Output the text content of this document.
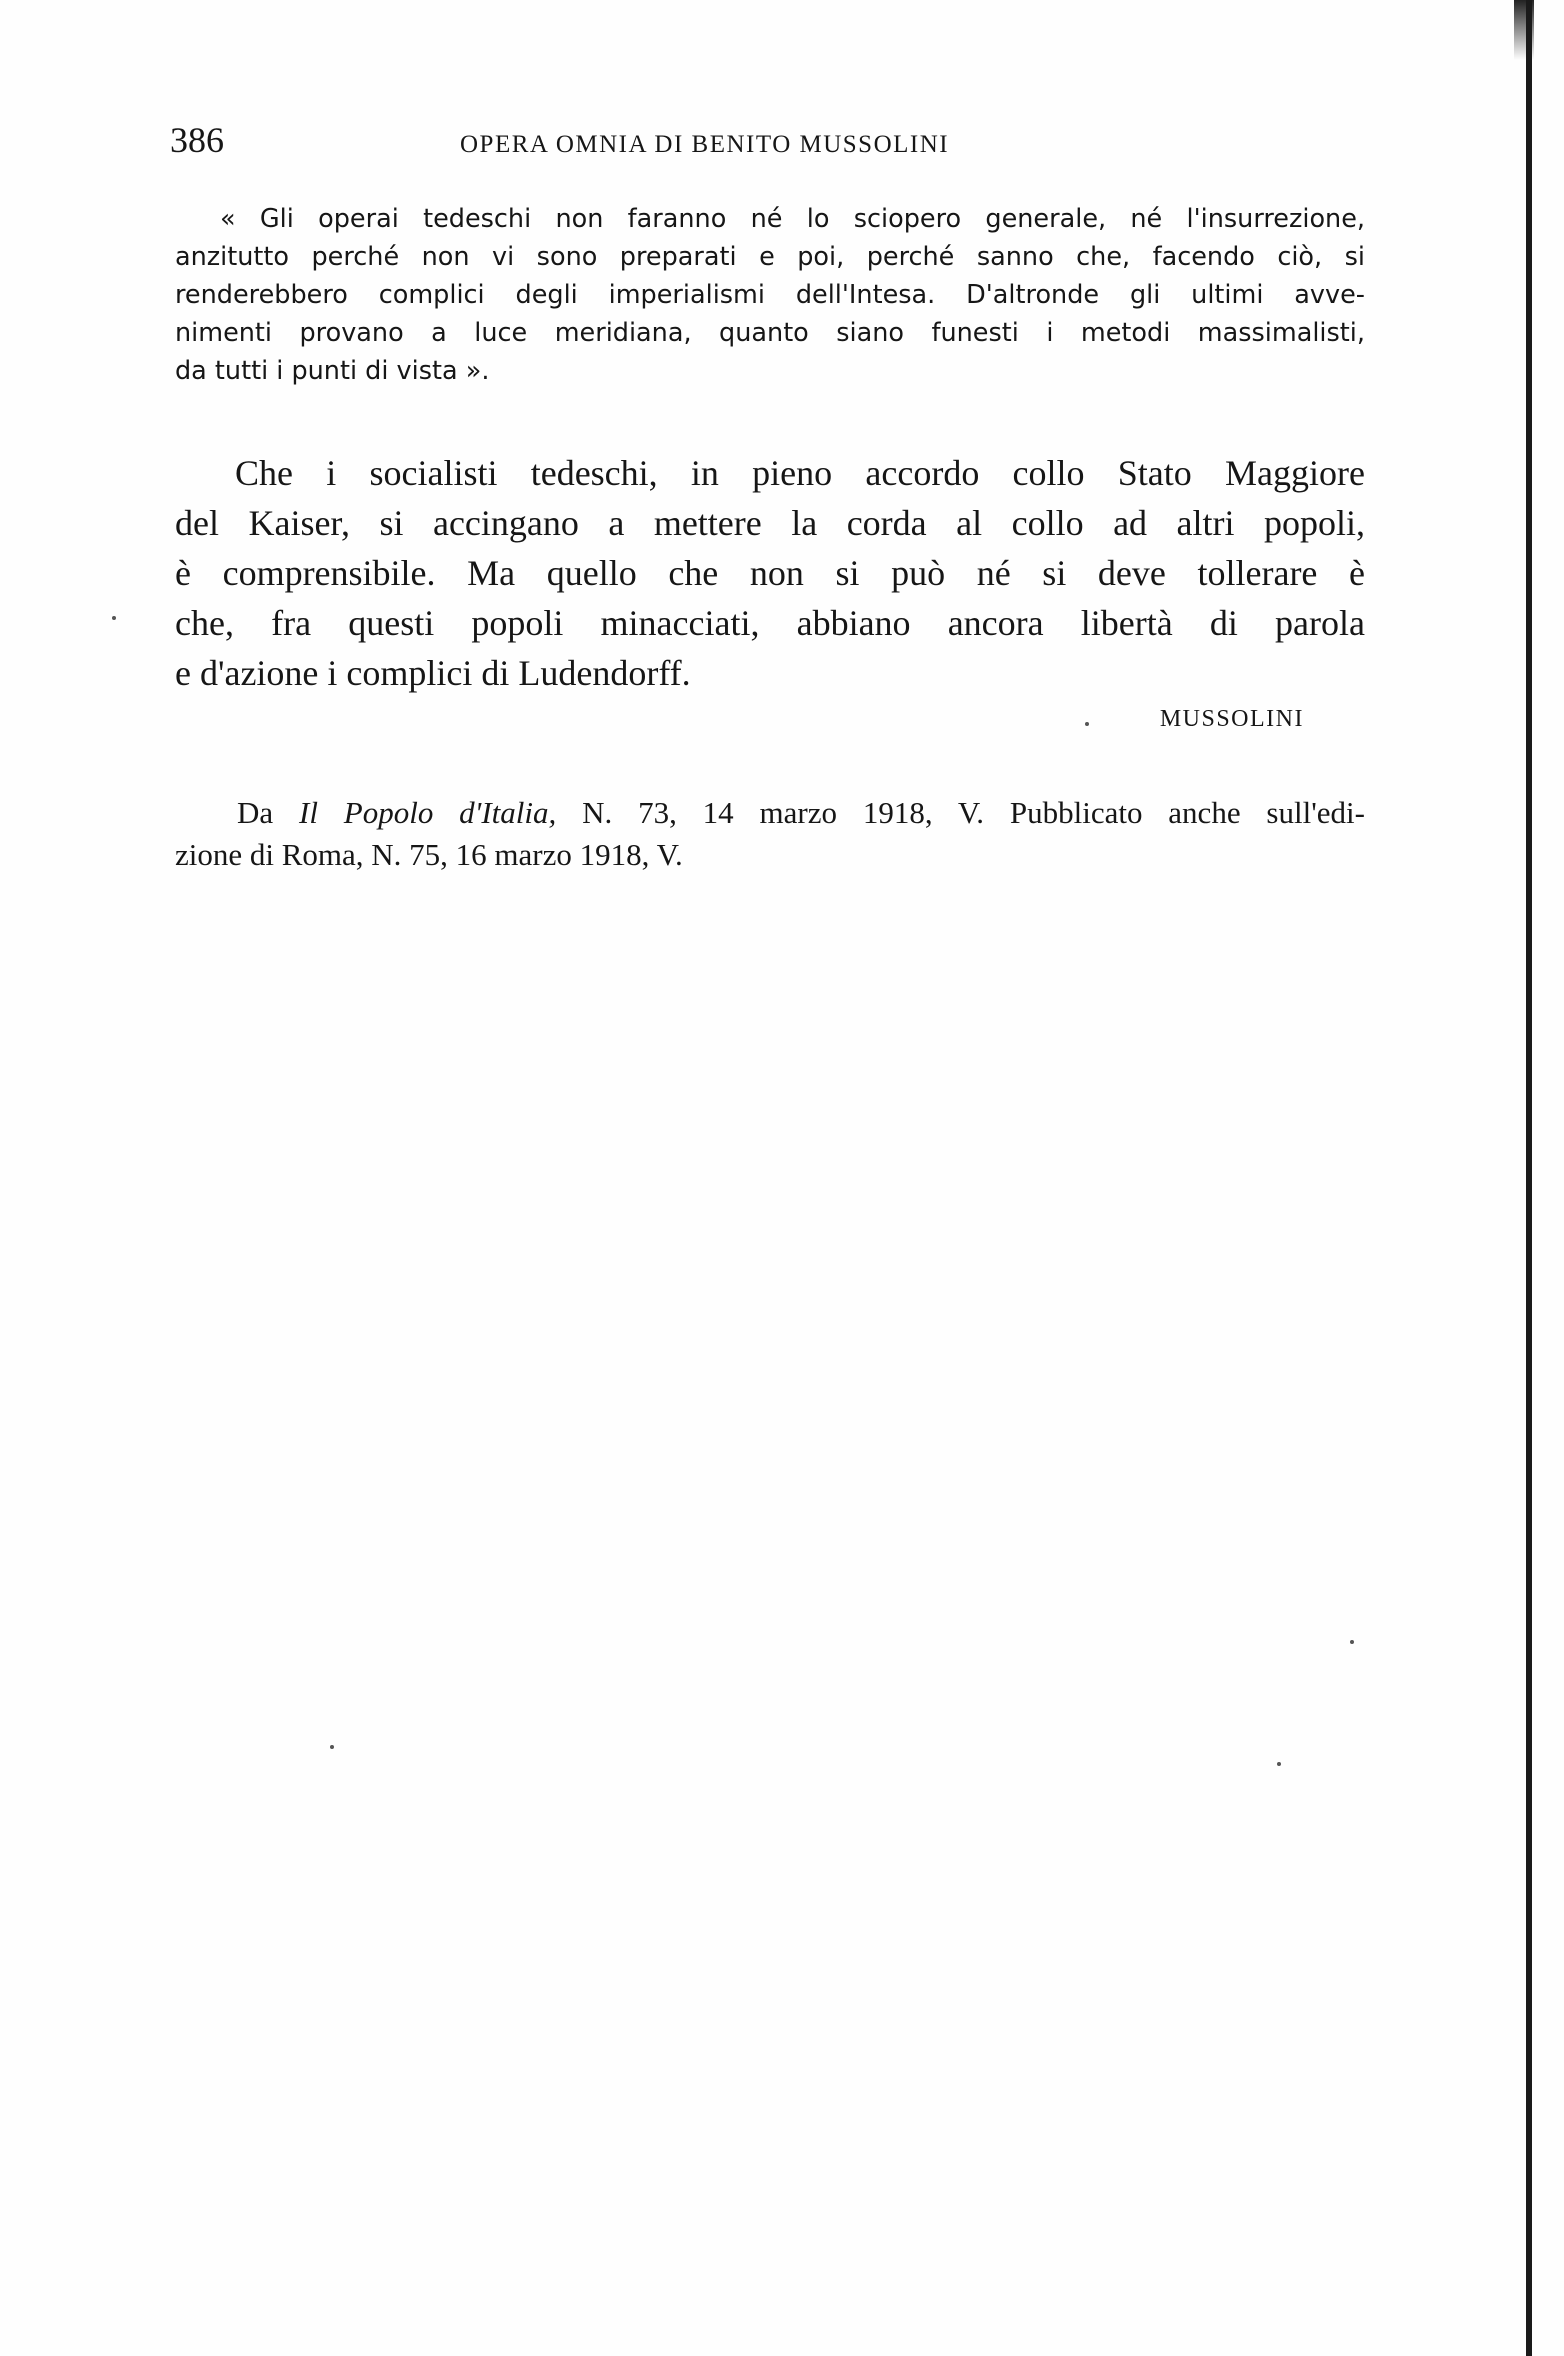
386	OPERA OMNIA DI BENITO MUSSOLINI
« Gli operai tedeschi non faranno né lo sciopero generale, né l'insurrezione,
anzitutto perché non vi sono preparati e poi, perché sanno che, facendo ciò, si
renderebbero complici degli imperialismi dell'Intesa. D'altronde gli ultimi avve-
nimenti provano a luce meridiana, quanto siano funesti i metodi massimalisti,
da tutti i punti di vista ».
Che i socialisti tedeschi, in pieno accordo collo Stato Maggiore
del Kaiser, si accingano a mettere la corda al collo ad altri popoli,
è comprensibile. Ma quello che non si può né si deve tollerare è
che, fra questi popoli minacciati, abbiano ancora libertà di parola
e d'azione i complici di Ludendorff.
MUSSOLINI
Da Il Popolo d'Italia, N. 73, 14 marzo 1918, V. Pubblicato anche sull'edi-
zione di Roma, N. 75, 16 marzo 1918, V.
